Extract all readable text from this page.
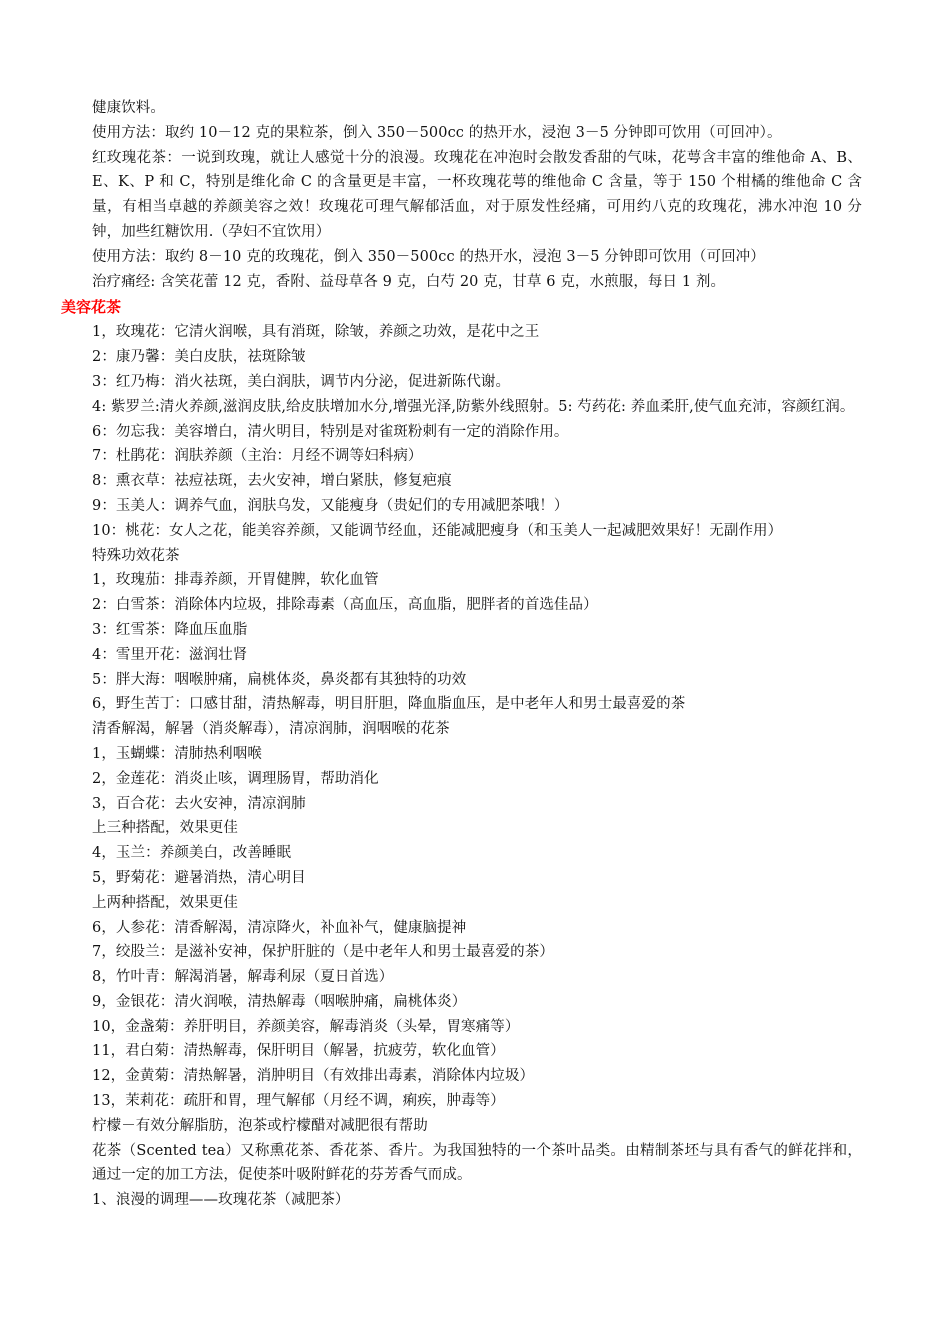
健康饮料。
使用方法：取约 10－12 克的果粒茶，倒入 350－500cc 的热开水，浸泡 3－5 分钟即可饮用（可回冲）。
红玫瑰花茶：一说到玫瑰，就让人感觉十分的浪漫。玫瑰花在冲泡时会散发香甜的气味，花萼含丰富的维他命 A、B、E、K、P 和 C，特别是维化命 C 的含量更是丰富，一杯玫瑰花萼的维他命 C 含量，等于 150 个柑橘的维他命 C 含量，有相当卓越的养颜美容之效！玫瑰花可理气解郁活血，对于原发性经痛，可用约八克的玫瑰花，沸水冲泡 10 分钟，加些红糖饮用.（孕妇不宜饮用）
使用方法：取约 8－10 克的玫瑰花，倒入 350－500cc 的热开水，浸泡 3－5 分钟即可饮用（可回冲）
治疗痛经: 含笑花蕾 12 克，香附、益母草各 9 克，白芍 20 克，甘草 6 克，水煎服，每日 1 剂。
美容花茶
1，玫瑰花：它清火润喉，具有消斑，除皱，养颜之功效，是花中之王
2：康乃馨：美白皮肤，祛斑除皱
3：红乃梅：消火祛斑，美白润肤，调节内分泌，促进新陈代谢。
4: 紫罗兰:清火养颜,滋润皮肤,给皮肤增加水分,增强光泽,防紫外线照射。5: 芍药花: 养血柔肝,使气血充沛，容颜红润。
6：勿忘我：美容增白，清火明目，特别是对雀斑粉刺有一定的消除作用。
7：杜鹃花：润肤养颜（主治：月经不调等妇科病）
8：熏衣草：祛痘祛斑，去火安神，增白紧肤，修复疤痕
9：玉美人：调养气血，润肤乌发，又能瘦身（贵妃们的专用减肥茶哦！）
10：桃花：女人之花，能美容养颜，又能调节经血，还能减肥瘦身（和玉美人一起减肥效果好！无副作用）
特殊功效花茶
1，玫瑰茄：排毒养颜，开胃健脾，软化血管
2：白雪茶：消除体内垃圾，排除毒素（高血压，高血脂，肥胖者的首选佳品）
3：红雪茶：降血压血脂
4：雪里开花：滋润壮肾
5：胖大海：咽喉肿痛，扁桃体炎，鼻炎都有其独特的功效
6，野生苦丁：口感甘甜，清热解毒，明目肝胆，降血脂血压，是中老年人和男士最喜爱的茶
清香解渴，解暑（消炎解毒），清凉润肺，润咽喉的花茶
1，玉蝴蝶：清肺热利咽喉
2，金莲花：消炎止咳，调理肠胃，帮助消化
3，百合花：去火安神，清凉润肺
上三种搭配，效果更佳
4，玉兰：养颜美白，改善睡眠
5，野菊花：避暑消热，清心明目
上两种搭配，效果更佳
6，人参花：清香解渴，清凉降火，补血补气，健康脑提神
7，绞股兰：是滋补安神，保护肝脏的（是中老年人和男士最喜爱的茶）
8，竹叶青：解渴消暑，解毒利尿（夏日首选）
9，金银花：清火润喉，清热解毒（咽喉肿痛，扁桃体炎）
10，金盏菊：养肝明目，养颜美容，解毒消炎（头晕，胃寒痛等）
11，君白菊：清热解毒，保肝明目（解暑，抗疲劳，软化血管）
12，金黄菊：清热解暑，消肿明目（有效排出毒素，消除体内垃圾）
13，茉莉花：疏肝和胃，理气解郁（月经不调，痢疾，肿毒等）
柠檬－有效分解脂肪，泡茶或柠檬醋对减肥很有帮助
花茶（Scented tea）又称熏花茶、香花茶、香片。为我国独特的一个茶叶品类。由精制茶坯与具有香气的鲜花拌和，通过一定的加工方法，促使茶叶吸附鲜花的芬芳香气而成。
1、浪漫的调理——玫瑰花茶（减肥茶）
